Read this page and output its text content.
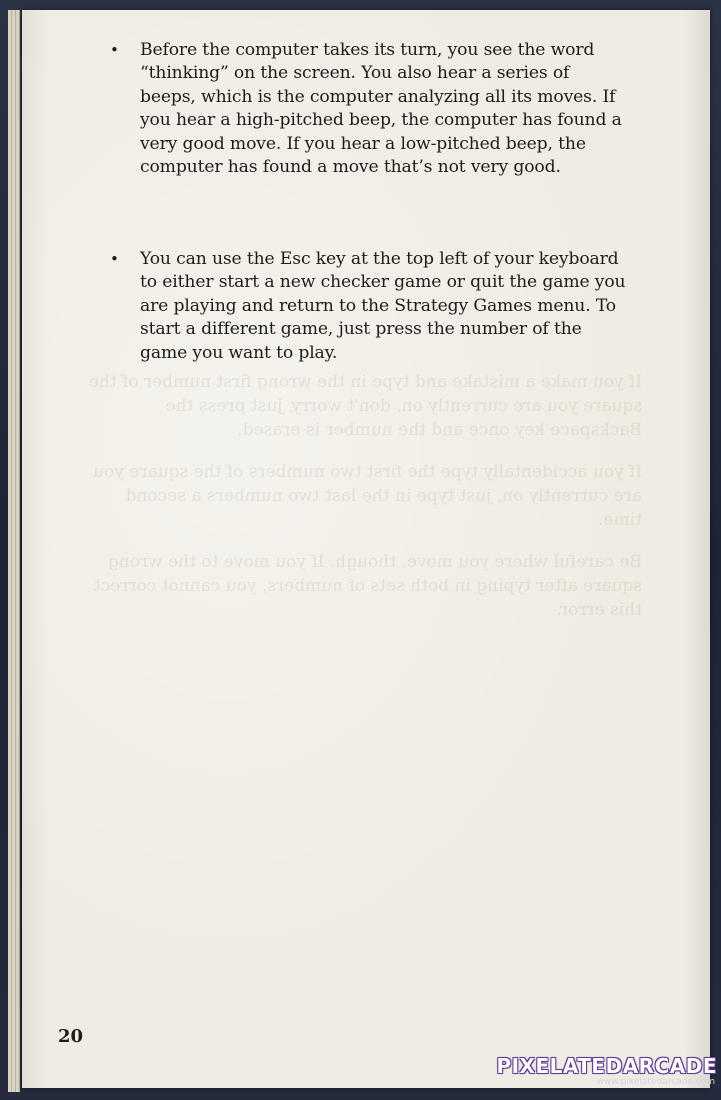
If you make a mistake and type in the wrong first number of the square you are currently on, don't worry, just press the Backspace key once and the number is erased.

If you accidentally type the first two numbers of the square you are currently on, just type in the last two numbers a second time.

Be careful where you move, though. If you move to the wrong square after typing in both sets of numbers, you cannot correct this error.

• Before the computer takes its turn, you see the word “thinking” on the screen. You also hear a series of beeps, which is the computer analyzing all its moves. If you hear a high-pitched beep, the computer has found a very good move. If you hear a low-pitched beep, the computer has found a move that’s not very good.

• You can use the Esc key at the top left of your keyboard to either start a new checker game or quit the game you are playing and return to the Strategy Games menu. To start a different game, just press the number of the game you want to play.

20
PIXELATEDARCADE
www.pixelatedarcade.com
